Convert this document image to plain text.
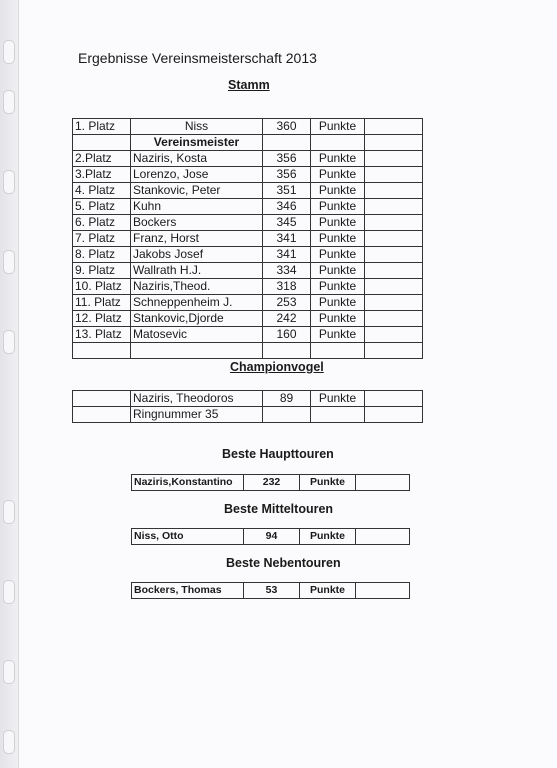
Ergebnisse Vereinsmeisterschaft 2013
​ Stamm
1. Platz	Niss	360	Punkte	
	Vereinsmeister			
2.Platz	Naziris, Kosta	356	Punkte	
3.Platz	Lorenzo, Jose	356	Punkte	
4. Platz	Stankovic, Peter	351	Punkte	
5. Platz	Kuhn	346	Punkte	
6. Platz	Bockers	345	Punkte	
7. Platz	Franz, Horst	341	Punkte	
8. Platz	Jakobs Josef	341	Punkte	
9. Platz	Wallrath H.J.	334	Punkte	
10. Platz	Naziris,Theod.	318	Punkte	
11. Platz	Schneppenheim J.	253	Punkte	
12. Platz	Stankovic,Djorde	242	Punkte	
13. Platz	Matosevic	160	Punkte	

Championvogel
	Naziris, Theodoros	89	Punkte	
	Ringnummer 35			
Beste Haupttouren
Naziris,Konstantino	232	Punkte	
Beste Mitteltouren
Niss, Otto	94	Punkte	
Beste Nebentouren
Bockers, Thomas	53	Punkte	
